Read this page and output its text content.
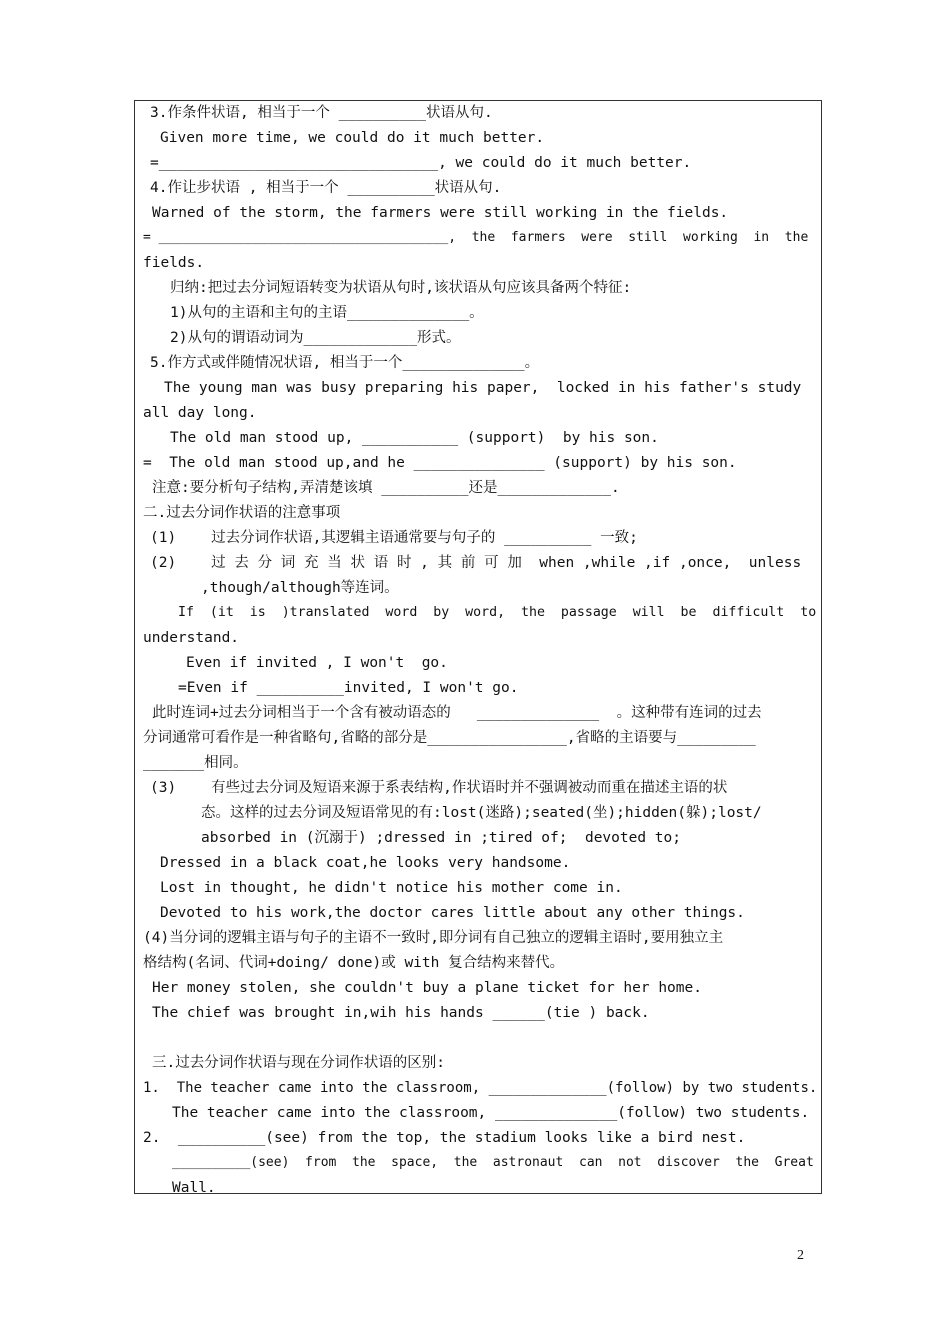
3.作条件状语, 相当于一个 __________状语从句.
Given more time, we could do it much better.
=________________________________, we could do it much better.
4.作让步状语 , 相当于一个 __________状语从句.
Warned of the storm, the farmers were still working in the fields.
= _____________________________________,  the  farmers  were  still  working  in  the
fields.
归纳:把过去分词短语转变为状语从句时,该状语从句应该具备两个特征:
1)从句的主语和主句的主语______________。
2)从句的谓语动词为_____________形式。
5.作方式或伴随情况状语, 相当于一个______________。
The young man was busy preparing his paper,  locked in his father's study
all day long.
The old man stood up, ___________ (support)  by his son.
=  The old man stood up,and he _______________ (support) by his son.
注意:要分析句子结构,弄清楚该填 __________还是_____________.
二.过去分词作状语的注意事项
(1)    过去分词作状语,其逻辑主语通常要与句子的 __________ 一致;
(2)    过 去 分 词 充 当 状 语 时 , 其 前 可 加  when ,while ,if ,once,  unless
,though/although等连词。
If  (it  is  )translated  word  by  word,  the  passage  will  be  difficult  to
understand.
Even if invited , I won't  go.
=Even if __________invited, I won't go.
此时连词+过去分词相当于一个含有被动语态的   ______________  。这种带有连词的过去
分词通常可看作是一种省略句,省略的部分是________________,省略的主语要与_________
_______相同。
(3)    有些过去分词及短语来源于系表结构,作状语时并不强调被动而重在描述主语的状
态。这样的过去分词及短语常见的有:lost(迷路);seated(坐);hidden(躲);lost/
absorbed in (沉溺于) ;dressed in ;tired of;  devoted to;
Dressed in a black coat,he looks very handsome.
Lost in thought, he didn't notice his mother come in.
Devoted to his work,the doctor cares little about any other things.
(4)当分词的逻辑主语与句子的主语不一致时,即分词有自己独立的逻辑主语时,要用独立主
格结构(名词、代词+doing/ done)或 with 复合结构来替代。
Her money stolen, she couldn't buy a plane ticket for her home.
The chief was brought in,wih his hands ______(tie ) back.
三.过去分词作状语与现在分词作状语的区别:
1.  The teacher came into the classroom, ______________(follow) by two students.
The teacher came into the classroom, ______________(follow) two students.
2.  __________(see) from the top, the stadium looks like a bird nest.
__________(see)  from  the  space,  the  astronaut  can  not  discover  the  Great
Wall.
2
